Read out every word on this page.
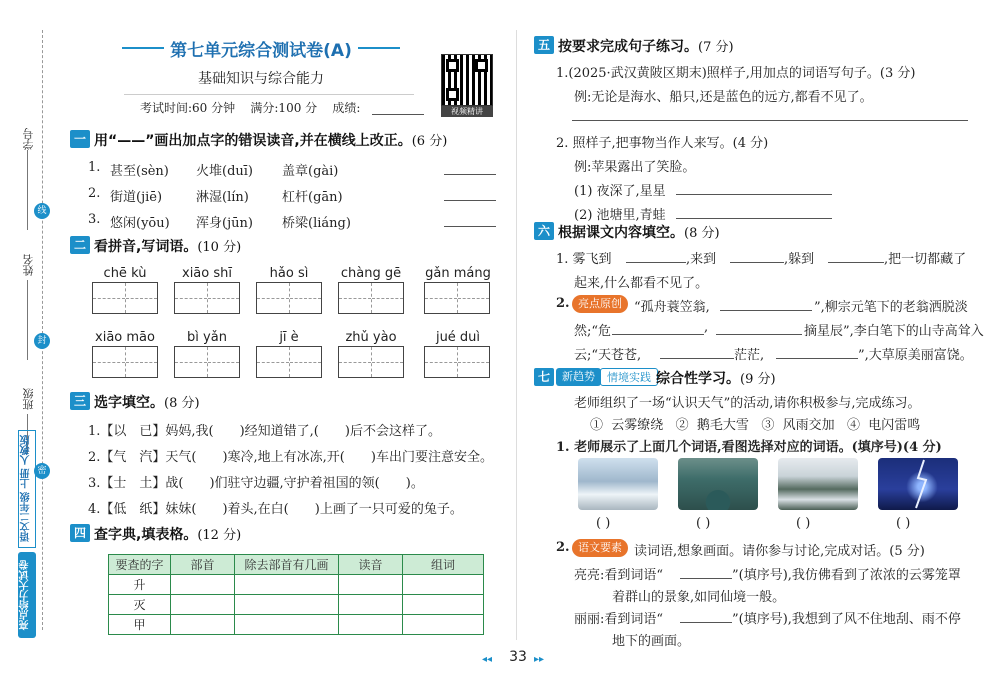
学号
姓名
班级
线
封
密
语文二年级 上册 人教版
亮点给力大试卷
第七单元综合测试卷(A)
基础知识与综合能力
考试时间:60 分钟    满分:100 分    成绩:	视频精讲
一 用“——”画出加点字的错误读音,并在横线上改正。(6 分)
1. 甚至(sèn) 火堆(duī) 盖章(gài)
2. 街道(jiē)	淋湿(lín)	杠杆(gān)
3. 悠闲(yōu) 浑身(jūn) 桥梁(liáng)
二 看拼音,写词语。(10 分)
chē kù	xiāo shī	hǎo sì	chàng gē	gǎn máng
xiāo māo	bì yǎn	jī è	zhǔ yào	jué duì
三 选字填空。(8 分)
1.【以　已】妈妈,我(　　)经知道错了,(　　)后不会这样了。
2.【气　汽】天气(　　)寒冷,地上有冰冻,开(　　)车出门要注意安全。
3.【士　土】战(　　)们驻守边疆,守护着祖国的领(　　)。
4.【低　纸】妹妹(　　)着头,在白(　　)上画了一只可爱的兔子。
四 查字典,填表格。(12 分)
要查的字	部首	除去部首有几画	读音	组词
升				
灭				
甲				
五 按要求完成句子练习。(7 分)
1.(2025·武汉黄陂区期末)照样子,用加点的词语写句子。(3 分)
例:无论是海水、船只,还是蓝色的远方,都看不见了。
2. 照样子,把事物当作人来写。(4 分)
例:苹果露出了笑脸。
(1) 夜深了,星星
(2) 池塘里,青蛙
六 根据课文内容填空。(8 分)
1. 雾飞到	,来到	,躲到	,把一切都藏了
起来,什么都看不见了。
2. 亮点原创 “孤舟蓑笠翁,	”,柳宗元笔下的老翁洒脱淡
然;“危	,	摘星辰”,李白笔下的山寺高耸入
云;“天苍苍,	茫茫,	”,大草原美丽富饶。
七	新趋势	情境实践 综合性学习。(9 分)
老师组织了一场“认识天气”的活动,请你积极参与,完成练习。
①  云雾缭绕   ②  鹅毛大雪   ③  风雨交加   ④  电闪雷鸣
1. 老师展示了上面几个词语,看图选择对应的词语。(填序号)(4 分)
( )	( )	( )	( )
2. 语文要素 读词语,想象画面。请你参与讨论,完成对话。(5 分)
亮亮:看到词语“	”(填序号),我仿佛看到了浓浓的云雾笼罩
着群山的景象,如同仙境一般。
丽丽:看到词语“	”(填序号),我想到了风不住地刮、雨不停
地下的画面。
◂◂	33 ▸▸
